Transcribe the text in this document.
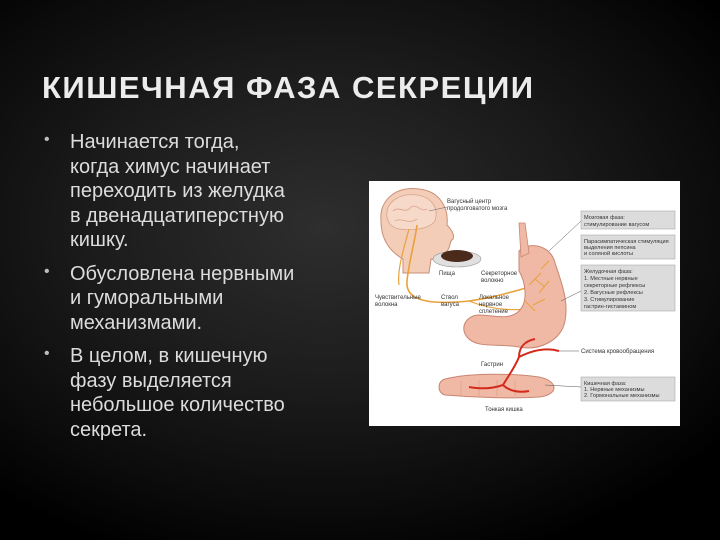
КИШЕЧНАЯ ФАЗА СЕКРЕЦИИ
• Начинается тогда,
когда химус начинает
переходить из желудка
в двенадцатиперстную
кишку.
• Обусловлена нервными
и гуморальными
механизмами.
• В целом, в кишечную
фазу выделяется
небольшое количество
секрета.
Вагусный центр
продолговатого мозга
Пища	Секреторное
волокно
Чувствительные
волокна
Ствол
вагуса
Локальное
нервное
сплетение
Гастрин
Тонкая кишка
Мозговая фаза:
стимулирование вагусом
Парасимпатическая стимуляция
выделения пепсина
и соляной кислоты
Желудочная фаза:
1. Местные нервные
секреторные рефлексы
2. Вагусные рефлексы
3. Стимулирование
гастрин-гистамином
Система кровообращения
Кишечная фаза:
1. Нервные механизмы
2. Гормональные механизмы
